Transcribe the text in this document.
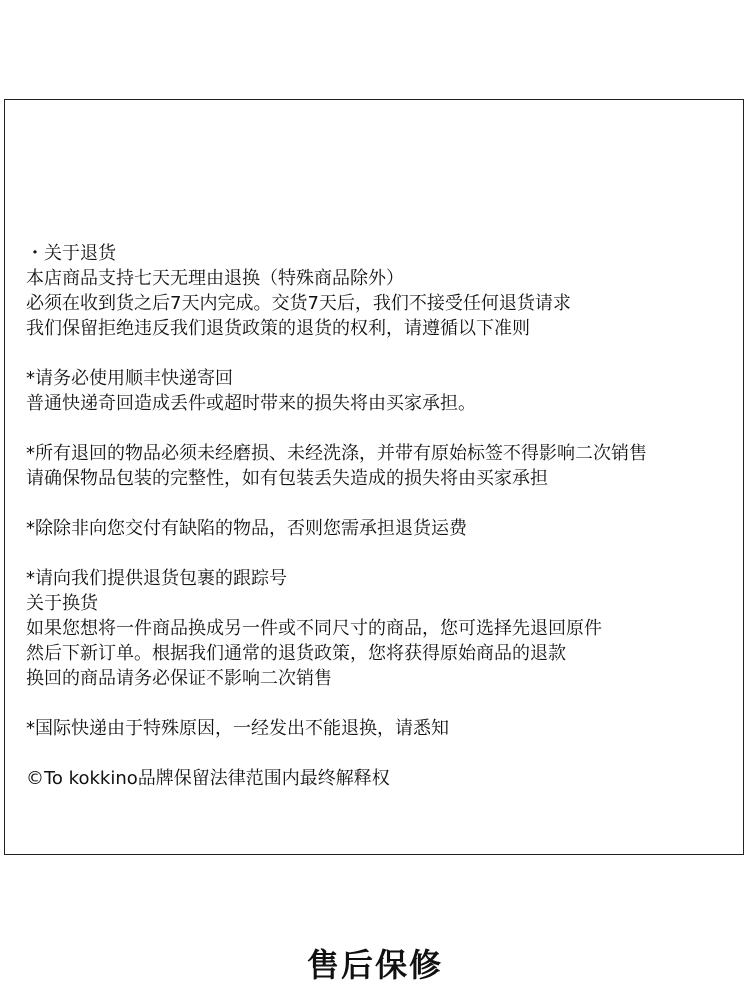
・关于退货
本店商品支持七天无理由退换（特殊商品除外）
必须在收到货之后7天内完成。交货7天后，我们不接受任何退货请求
我们保留拒绝违反我们退货政策的退货的权利，请遵循以下准则
*请务必使用顺丰快递寄回
普通快递奇回造成丢件或超时带来的损失将由买家承担。
*所有退回的物品必须未经磨损、未经洗涤，并带有原始标签不得影响二次销售
请确保物品包装的完整性，如有包装丢失造成的损失将由买家承担
*除除非向您交付有缺陷的物品，否则您需承担退货运费
*请向我们提供退货包裹的跟踪号
关于换货
如果您想将一件商品换成另一件或不同尺寸的商品，您可选择先退回原件
然后下新订单。根据我们通常的退货政策，您将获得原始商品的退款
换回的商品请务必保证不影响二次销售
*国际快递由于特殊原因，一经发出不能退换，请悉知
©To kokkino品牌保留法律范围内最终解释权
售后保修
